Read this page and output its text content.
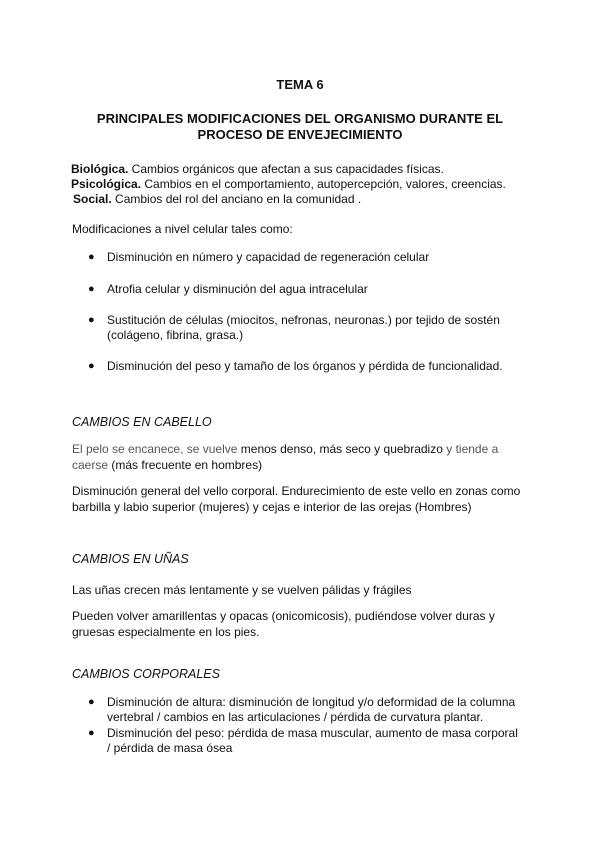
TEMA 6
PRINCIPALES MODIFICACIONES DEL ORGANISMO DURANTE EL
PROCESO DE ENVEJECIMIENTO
Biológica. Cambios orgánicos que afectan a sus capacidades físicas.
Psicológica. Cambios en el comportamiento, autopercepción, valores, creencias.
Social. Cambios del rol del anciano en la comunidad .
Modificaciones a nivel celular tales como:
● Disminución en número y capacidad de regeneración celular
● Atrofia celular y disminución del agua intracelular
● Sustitución de células (miocitos, nefronas, neuronas.) por tejido de sostén
(colágeno, fibrina, grasa.)
● Disminución del peso y tamaño de los órganos y pérdida de funcionalidad.
CAMBIOS EN CABELLO
El pelo se encanece, se vuelve menos denso, más seco y quebradizo y tiende a
caerse (más frecuente en hombres)
Disminución general del vello corporal. Endurecimiento de este vello en zonas como
barbilla y labio superior (mujeres) y cejas e interior de las orejas (Hombres)
CAMBIOS EN UÑAS
Las uñas crecen más lentamente y se vuelven pálidas y frágiles
Pueden volver amarillentas y opacas (onicomicosis), pudiéndose volver duras y
gruesas especialmente en los pies.
CAMBIOS CORPORALES
● Disminución de altura: disminución de longitud y/o deformidad de la columna
vertebral / cambios en las articulaciones / pérdida de curvatura plantar.
● Disminución del peso: pérdida de masa muscular, aumento de masa corporal
/ pérdida de masa ósea
